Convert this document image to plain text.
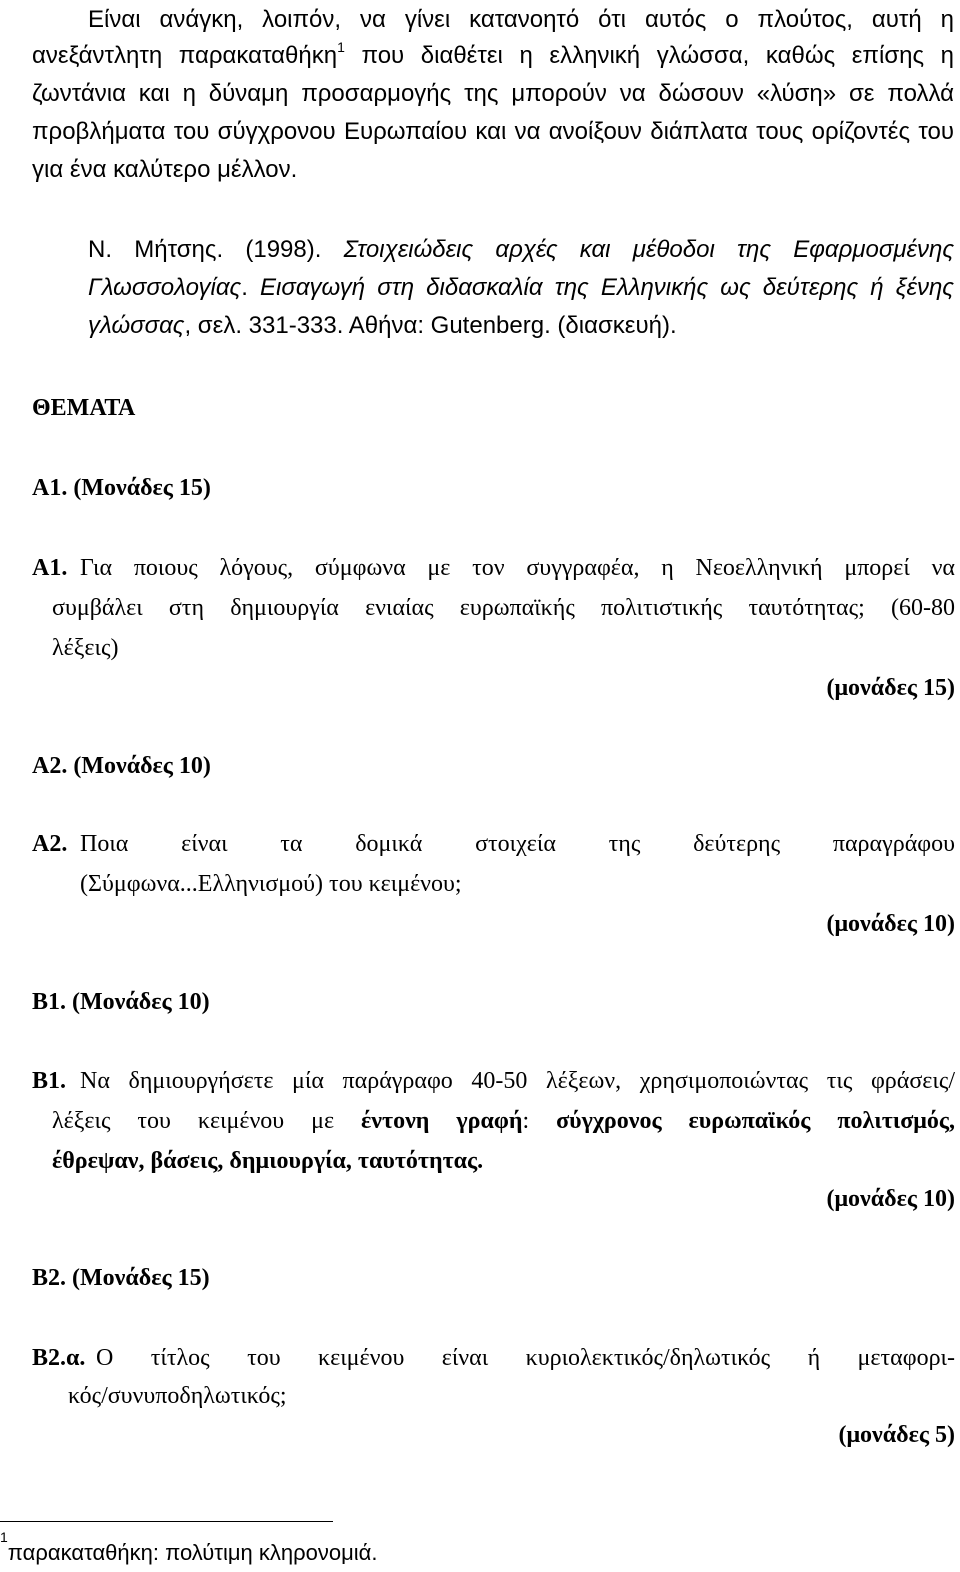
Είναι ανάγκη, λοιπόν, να γίνει κατανοητό ότι αυτός ο πλούτος, αυτή η
ανεξάντλητη παρακαταθήκη$^1$ που διαθέτει η ελληνική γλώσσα, καθώς επίσης η
ζωντάνια και η δύναμη προσαρμογής της μπορούν να δώσουν «λύση» σε πολλά
προβλήματα του σύγχρονου Ευρωπαίου και να ανοίξουν διάπλατα τους ορίζοντές του
για ένα καλύτερο μέλλον.
Ν. Μήτσης. (1998). Στοιχειώδεις αρχές και μέθοδοι της Εφαρμοσμένης
Γλωσσολογίας. Εισαγωγή στη διδασκαλία της Ελληνικής ως δεύτερης ή ξένης
γλώσσας, σελ. 331-333. Αθήνα: Gutenberg. (διασκευή).
ΘΕΜΑΤΑ
Α1. (Μονάδες 15)
Α1. Για ποιους λόγους, σύμφωνα με τον συγγραφέα, η Νεοελληνική μπορεί να
συμβάλει στη δημιουργία ενιαίας ευρωπαϊκής πολιτιστικής ταυτότητας; (60-80
λέξεις)
(μονάδες 15)
Α2. (Μονάδες 10)
Α2. Ποια είναι τα δομικά στοιχεία της δεύτερης παραγράφου
(Σύμφωνα...Ελληνισμού) του κειμένου;
(μονάδες 10)
Β1. (Μονάδες 10)
Β1. Να δημιουργήσετε μία παράγραφο 40-50 λέξεων, χρησιμοποιώντας τις φράσεις/
λέξεις του κειμένου με έντονη γραφή: σύγχρονος ευρωπαϊκός πολιτισμός,
έθρεψαν, βάσεις, δημιουργία, ταυτότητας.
(μονάδες 10)
Β2. (Μονάδες 15)
Β2.α. Ο τίτλος του κειμένου είναι κυριολεκτικός/δηλωτικός ή μεταφορι-
κός/συνυποδηλωτικός;
(μονάδες 5)
$^1$παρακαταθήκη: πολύτιμη κληρονομιά.
